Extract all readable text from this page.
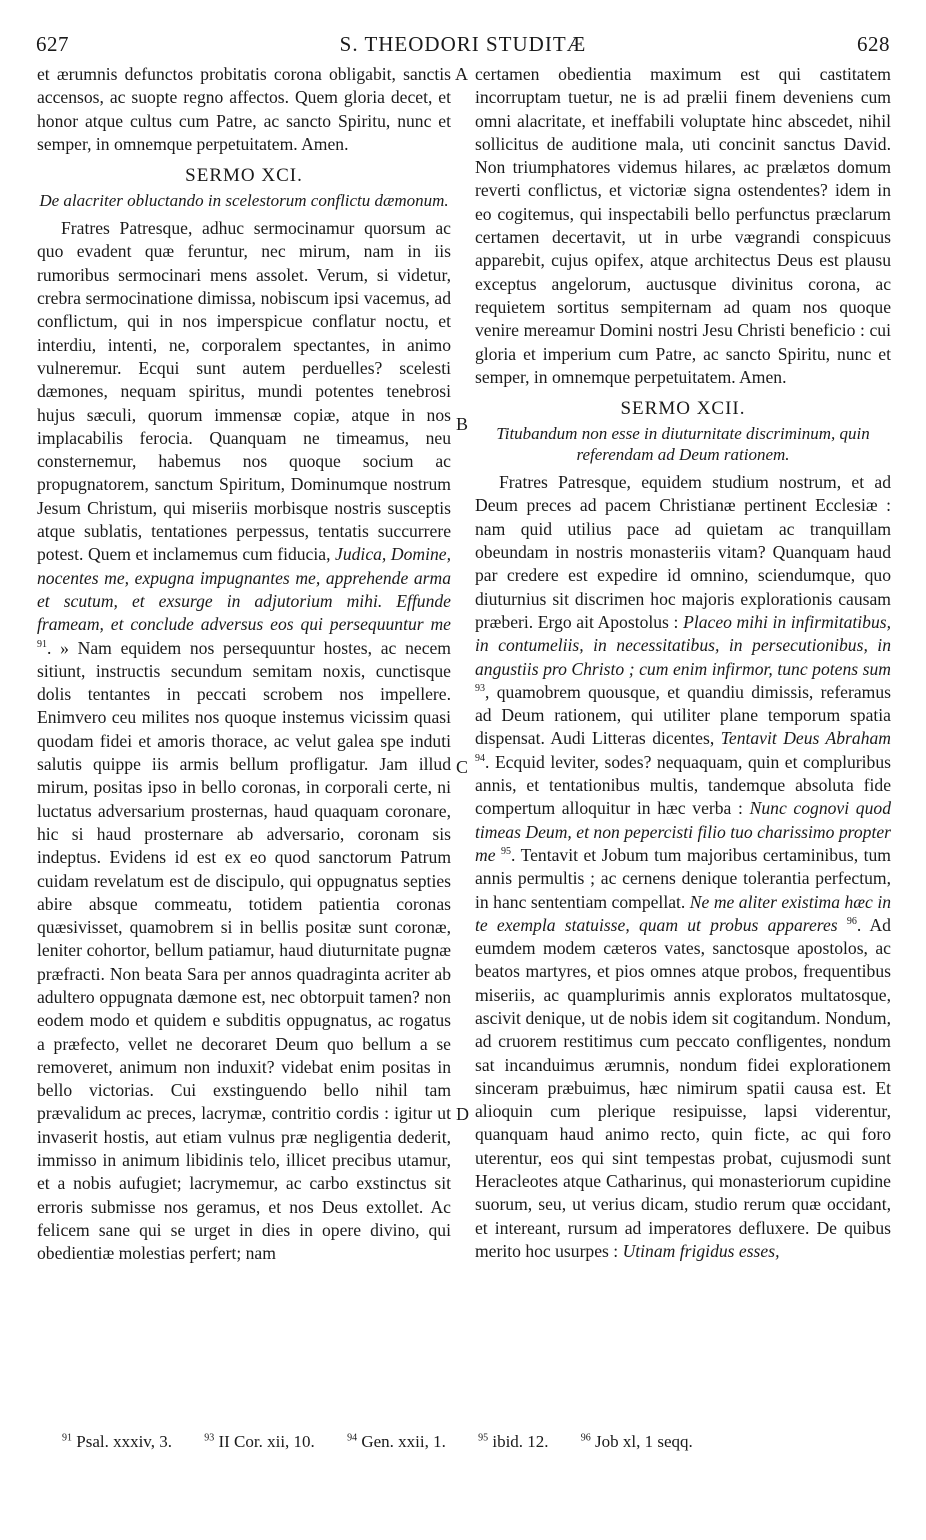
627	S. THEODORI STUDITÆ	628
A
B
C
D

et ærumnis defunctos probitatis corona obligabit, sanctis accensos, ac suopte regno affectos. Quem gloria decet, et honor atque cultus cum Patre, ac sancto Spiritu, nunc et semper, in omnemque perpetuitatem. Amen.

SERMO XCI.
De alacriter obluctando in scelestorum conflictu dæmonum.

Fratres Patresque, adhuc sermocinamur quorsum ac quo evadent quæ feruntur, nec mirum, nam in iis rumoribus sermocinari mens assolet. Verum, si videtur, crebra sermocinatione dimissa, nobiscum ipsi vacemus, ad conflictum, qui in nos imperspicue conflatur noctu, et interdiu, intenti, ne, corporalem spectantes, in animo vulneremur. Ecqui sunt autem perduelles? scelesti dæmones, nequam spiritus, mundi potentes tenebrosi hujus sæculi, quorum immensæ copiæ, atque in nos implacabilis ferocia. Quanquam ne timeamus, neu consternemur, habemus nos quoque socium ac propugnatorem, sanctum Spiritum, Dominumque nostrum Jesum Christum, qui miseriis morbisque nostris susceptis atque sublatis, tentationes perpessus, tentatis succurrere potest. Quem et inclamemus cum fiducia, Judica, Domine, nocentes me, expugna impugnantes me, apprehende arma et scutum, et exsurge in adjutorium mihi. Effunde frameam, et conclude adversus eos qui persequuntur me $^{91}$. » Nam equidem nos persequuntur hostes, ac necem sitiunt, instructis secundum semitam noxis, cunctisque dolis tentantes in peccati scrobem nos impellere. Enimvero ceu milites nos quoque instemus vicissim quasi quodam fidei et amoris thorace, ac velut galea spe induti salutis quippe iis armis bellum profligatur. Jam illud mirum, positas ipso in bello coronas, in corporali certe, ni luctatus adversarium prosternas, haud quaquam coronare, hic si haud prosternare ab adversario, coronam sis indeptus. Evidens id est ex eo quod sanctorum Patrum cuidam revelatum est de discipulo, qui oppugnatus septies abire absque commeatu, totidem patientia coronas quæsivisset, quamobrem si in bellis positæ sunt coronæ, leniter cohortor, bellum patiamur, haud diuturnitate pugnæ præfracti. Non beata Sara per annos quadraginta acriter ab adultero oppugnata dæmone est, nec obtorpuit tamen? non eodem modo et quidem e subditis oppugnatus, ac rogatus a præfecto, vellet ne decoraret Deum quo bellum a se removeret, animum non induxit? videbat enim positas in bello victorias. Cui exstinguendo bello nihil tam prævalidum ac preces, lacrymæ, contritio cordis : igitur ut invaserit hostis, aut etiam vulnus præ negligentia dederit, immisso in animum libidinis telo, illicet precibus utamur, et a nobis aufugiet; lacrymemur, ac carbo exstinctus sit erroris submisse nos geramus, et nos Deus extollet. Ac felicem sane qui se urget in dies in opere divino, qui obedientiæ molestias perfert; nam

certamen obedientia maximum est qui castitatem incorruptam tuetur, ne is ad prælii finem deveniens cum omni alacritate, et ineffabili voluptate hinc abscedet, nihil sollicitus de auditione mala, uti concinit sanctus David. Non triumphatores videmus hilares, ac prælætos domum reverti conflictus, et victoriæ signa ostendentes? idem in eo cogitemus, qui inspectabili bello perfunctus præclarum certamen decertavit, ut in urbe vægrandi conspicuus apparebit, cujus opifex, atque architectus Deus est plausu exceptus angelorum, auctusque divinitus corona, ac requietem sortitus sempiternam ad quam nos quoque venire mereamur Domini nostri Jesu Christi beneficio : cui gloria et imperium cum Patre, ac sancto Spiritu, nunc et semper, in omnemque perpetuitatem. Amen.

SERMO XCII.
Titubandum non esse in diuturnitate discriminum, quin referendam ad Deum rationem.

Fratres Patresque, equidem studium nostrum, et ad Deum preces ad pacem Christianæ pertinent Ecclesiæ : nam quid utilius pace ad quietam ac tranquillam obeundam in nostris monasteriis vitam? Quanquam haud par credere est expedire id omnino, sciendumque, quo diuturnius sit discrimen hoc majoris explorationis causam præberi. Ergo ait Apostolus : Placeo mihi in infirmitatibus, in contumeliis, in necessitatibus, in persecutionibus, in angustiis pro Christo ; cum enim infirmor, tunc potens sum $^{93}$, quamobrem quousque, et quandiu dimissis, referamus ad Deum rationem, qui utiliter plane temporum spatia dispensat. Audi Litteras dicentes, Tentavit Deus Abraham $^{94}$. Ecquid leviter, sodes? nequaquam, quin et compluribus annis, et tentationibus multis, tandemque absoluta fide compertum alloquitur in hæc verba : Nunc cognovi quod timeas Deum, et non pepercisti filio tuo charissimo propter me $^{95}$. Tentavit et Jobum tum majoribus certaminibus, tum annis permultis ; ac cernens denique tolerantia perfectum, in hanc sententiam compellat. Ne me aliter existima hæc in te exempla statuisse, quam ut probus appareres $^{96}$. Ad eumdem modem cæteros vates, sanctosque apostolos, ac beatos martyres, et pios omnes atque probos, frequentibus miseriis, ac quamplurimis annis exploratos multatosque, ascivit denique, ut de nobis idem sit cogitandum. Nondum, ad cruorem restitimus cum peccato confligentes, nondum sat incanduimus ærumnis, nondum fidei explorationem sinceram præbuimus, hæc nimirum spatii causa est. Et alioquin cum plerique resipuisse, lapsi viderentur, quanquam haud animo recto, quin ficte, ac qui foro uterentur, eos qui sint tempestas probat, cujusmodi sunt Heracleotes atque Catharinus, qui monasteriorum cupidine suorum, seu, ut verius dicam, studio rerum quæ occidant, et intereant, rursum ad imperatores defluxere. De quibus merito hoc usurpes : Utinam frigidus esses,

$^{91}$ Psal. xxxiv, 3.	$^{93}$ II Cor. xii, 10.	$^{94}$ Gen. xxii, 1.	$^{95}$ ibid. 12.	$^{96}$ Job xl, 1 seqq.
